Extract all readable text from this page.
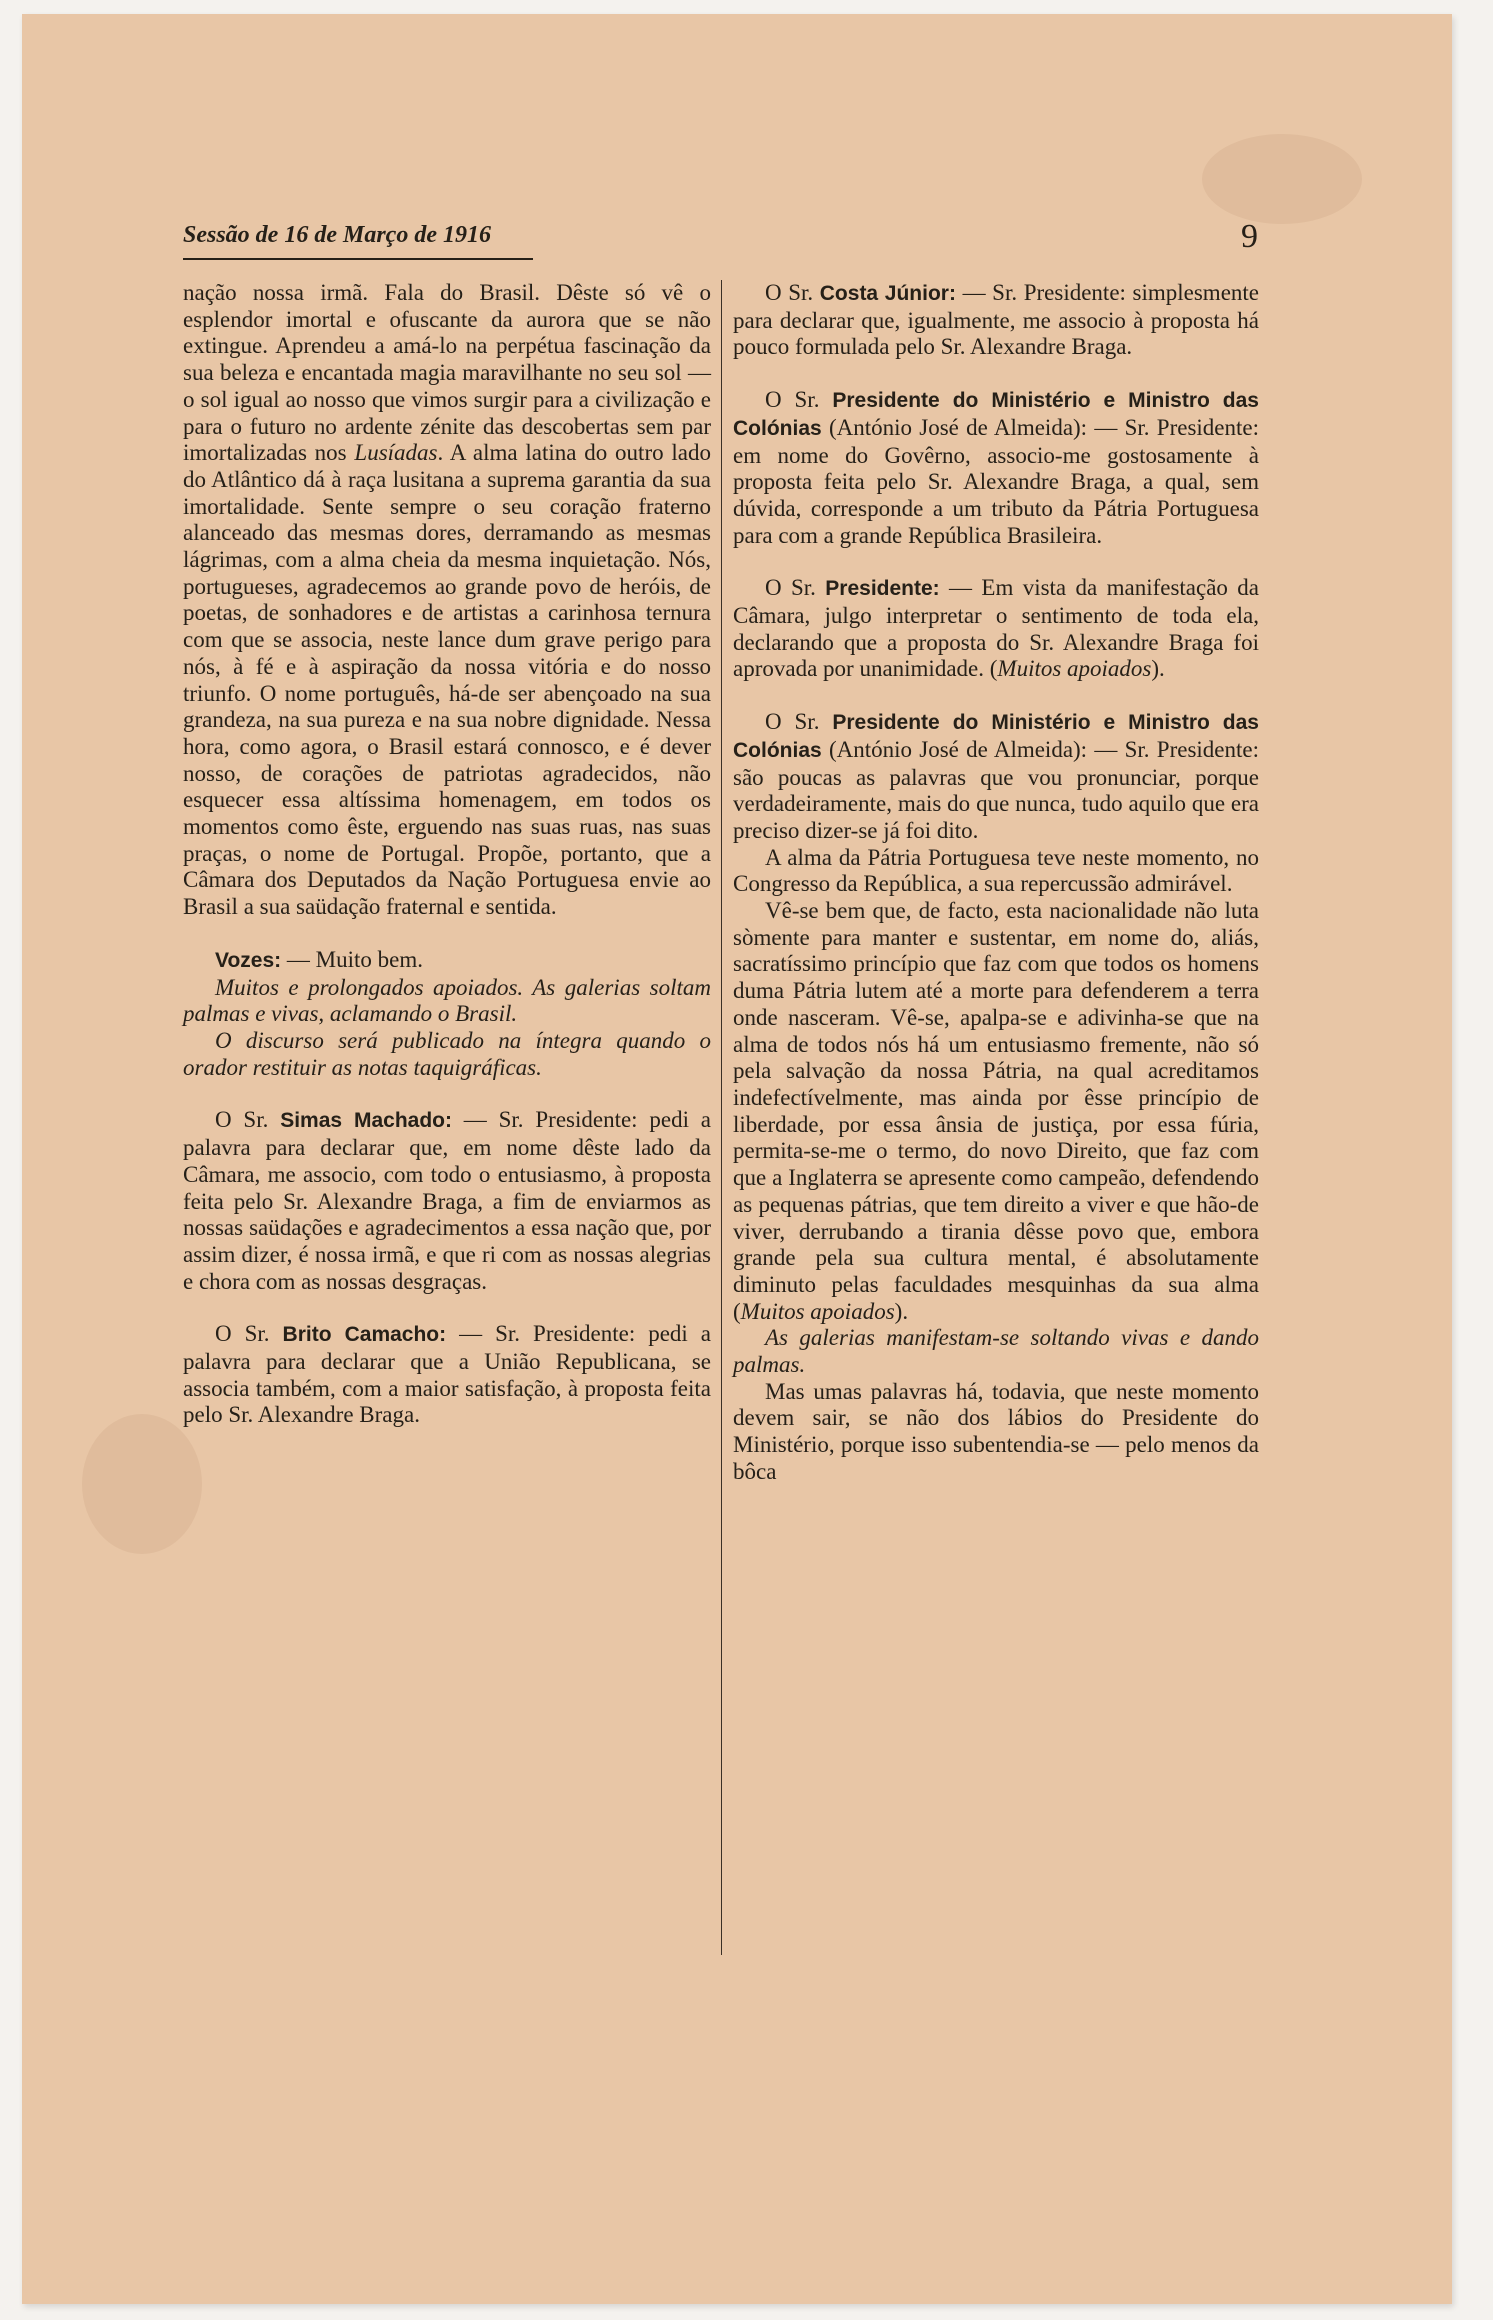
Sessão de 16 de Março de 1916	9

nação nossa irmã. Fala do Brasil. Dêste só vê o esplendor imortal e ofuscante da aurora que se não extingue. Aprendeu a amá-lo na perpétua fascinação da sua beleza e encantada magia maravilhante no seu sol — o sol igual ao nosso que vimos surgir para a civilização e para o futuro no ardente zénite das descobertas sem par imortalizadas nos Lusíadas. A alma latina do outro lado do Atlântico dá à raça lusitana a suprema garantia da sua imortalidade. Sente sempre o seu coração fraterno alanceado das mesmas dores, derramando as mesmas lágrimas, com a alma cheia da mesma inquietação. Nós, portugueses, agradecemos ao grande povo de heróis, de poetas, de sonhadores e de artistas a carinhosa ternura com que se associa, neste lance dum grave perigo para nós, à fé e à aspiração da nossa vitória e do nosso triunfo. O nome português, há-de ser abençoado na sua grandeza, na sua pureza e na sua nobre dignidade. Nessa hora, como agora, o Brasil estará connosco, e é dever nosso, de corações de patriotas agradecidos, não esquecer essa altíssima homenagem, em todos os momentos como êste, erguendo nas suas ruas, nas suas praças, o nome de Portugal. Propõe, portanto, que a Câmara dos Deputados da Nação Portuguesa envie ao Brasil a sua saüdação fraternal e sentida.

Vozes: — Muito bem.

Muitos e prolongados apoiados. As galerias soltam palmas e vivas, aclamando o Brasil.

O discurso será publicado na íntegra quando o orador restituir as notas taquigráficas.

O Sr. Simas Machado: — Sr. Presidente: pedi a palavra para declarar que, em nome dêste lado da Câmara, me associo, com todo o entusiasmo, à proposta feita pelo Sr. Alexandre Braga, a fim de enviarmos as nossas saüdações e agradecimentos a essa nação que, por assim dizer, é nossa irmã, e que ri com as nossas alegrias e chora com as nossas desgraças.

O Sr. Brito Camacho: — Sr. Presidente: pedi a palavra para declarar que a União Republicana, se associa também, com a maior satisfação, à proposta feita pelo Sr. Alexandre Braga.

O Sr. Costa Júnior: — Sr. Presidente: simplesmente para declarar que, igualmente, me associo à proposta há pouco formulada pelo Sr. Alexandre Braga.

O Sr. Presidente do Ministério e Ministro das Colónias (António José de Almeida): — Sr. Presidente: em nome do Govêrno, associo-me gostosamente à proposta feita pelo Sr. Alexandre Braga, a qual, sem dúvida, corresponde a um tributo da Pátria Portuguesa para com a grande República Brasileira.

O Sr. Presidente: — Em vista da manifestação da Câmara, julgo interpretar o sentimento de toda ela, declarando que a proposta do Sr. Alexandre Braga foi aprovada por unanimidade. (Muitos apoiados).

O Sr. Presidente do Ministério e Ministro das Colónias (António José de Almeida): — Sr. Presidente: são poucas as palavras que vou pronunciar, porque verdadeiramente, mais do que nunca, tudo aquilo que era preciso dizer-se já foi dito.

A alma da Pátria Portuguesa teve neste momento, no Congresso da República, a sua repercussão admirável.

Vê-se bem que, de facto, esta nacionalidade não luta sòmente para manter e sustentar, em nome do, aliás, sacratíssimo princípio que faz com que todos os homens duma Pátria lutem até a morte para defenderem a terra onde nasceram. Vê-se, apalpa-se e adivinha-se que na alma de todos nós há um entusiasmo fremente, não só pela salvação da nossa Pátria, na qual acreditamos indefectívelmente, mas ainda por êsse princípio de liberdade, por essa ânsia de justiça, por essa fúria, permita-se-me o termo, do novo Direito, que faz com que a Inglaterra se apresente como campeão, defendendo as pequenas pátrias, que tem direito a viver e que hão-de viver, derrubando a tirania dêsse povo que, embora grande pela sua cultura mental, é absolutamente diminuto pelas faculdades mesquinhas da sua alma (Muitos apoiados).

As galerias manifestam-se soltando vivas e dando palmas.

Mas umas palavras há, todavia, que neste momento devem sair, se não dos lábios do Presidente do Ministério, porque isso subentendia-se — pelo menos da bôca
